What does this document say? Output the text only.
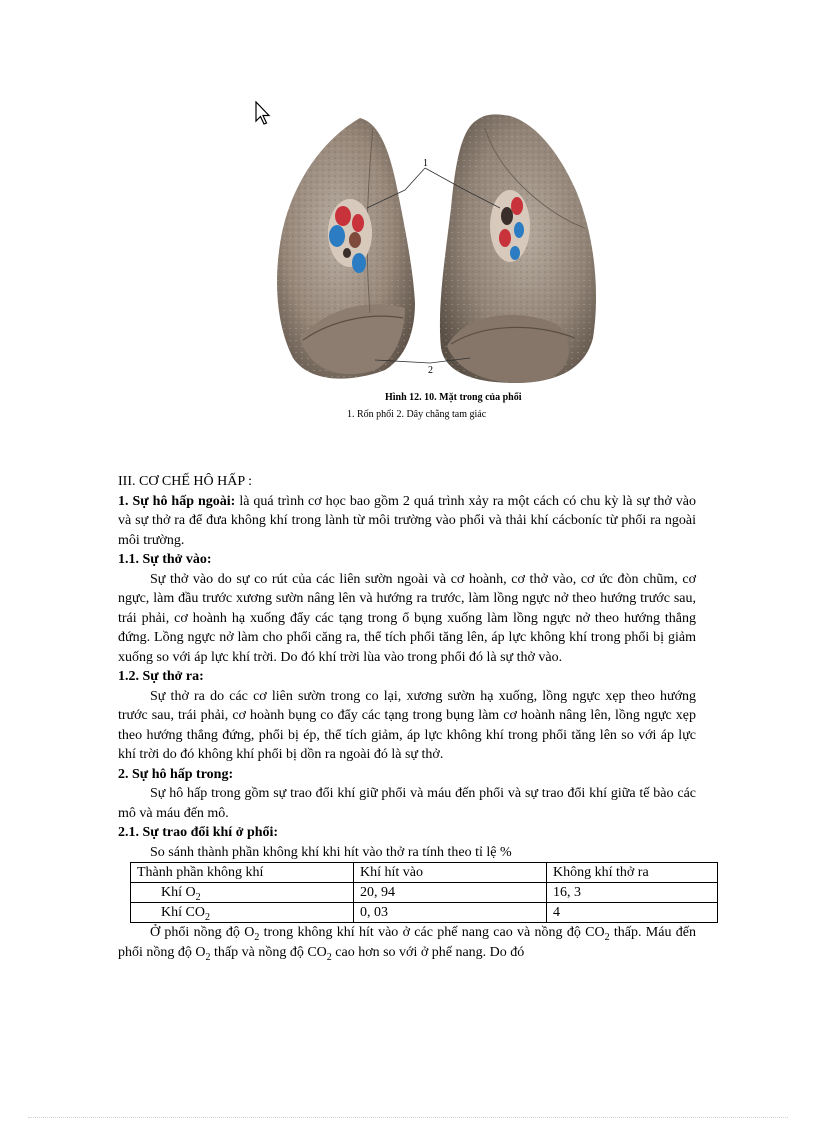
1
2
Hình 12. 10. Mặt trong của phổi
1. Rốn phổi 2. Dây chằng tam giác

III. CƠ CHẾ HÔ HẤP :

1. Sự hô hấp ngoài: là quá trình cơ học bao gồm 2 quá trình xảy ra một cách có chu kỳ là sự thở vào và sự thở ra để đưa không khí trong lành từ môi trường vào phổi và thải khí cácboníc từ phổi ra ngoài môi trường.

1.1. Sự thở vào:

Sự thở vào do sự co rút của các liên sườn ngoài và cơ hoành, cơ thở vào, cơ ức đòn chũm, cơ ngực, làm đầu trước xương sườn nâng lên và hướng ra trước, làm lồng ngực nở theo hướng trước sau, trái phải, cơ hoành hạ xuống đẩy các tạng trong ổ bụng xuống làm lồng ngực nở theo hướng thẳng đứng. Lồng ngực nở làm cho phổi căng ra, thể tích phổi tăng lên, áp lực không khí trong phổi bị giảm xuống so với áp lực khí trời. Do đó khí trời lùa vào trong phổi đó là sự thở vào.

1.2. Sự thở ra:

Sự thở ra do các cơ liên sườn trong co lại, xương sườn hạ xuống, lồng ngực xẹp theo hướng trước sau, trái phải, cơ hoành bụng co đẩy các tạng trong bụng làm cơ hoành nâng lên, lồng ngực xẹp theo hướng thẳng đứng, phổi bị ép, thể tích giảm, áp lực không khí trong phổi tăng lên so với áp lực khí trời do đó không khí phổi bị dồn ra ngoài đó là sự thở.

2. Sự hô hấp trong:

Sự hô hấp trong gồm sự trao đổi khí giữ phổi và máu đến phổi và sự trao đổi khí giữa tế bào các mô và máu đến mô.

2.1. Sự trao đổi khí ở phổi:

So sánh thành phần không khí khi hít vào thở ra tính theo tỉ lệ %

Thành phần không khí	Khí hít vào	Không khí thở ra
Khí $O_2$	20, 94	16, 3
Khí $CO_2$	0, 03	4

Ở phổi nồng độ $O_2$ trong không khí hít vào ở các phế nang cao và nồng độ $CO_2$ thấp. Máu đến phổi nồng độ $O_2$ thấp và nồng độ $CO_2$ cao hơn so với ở phế nang. Do đó
